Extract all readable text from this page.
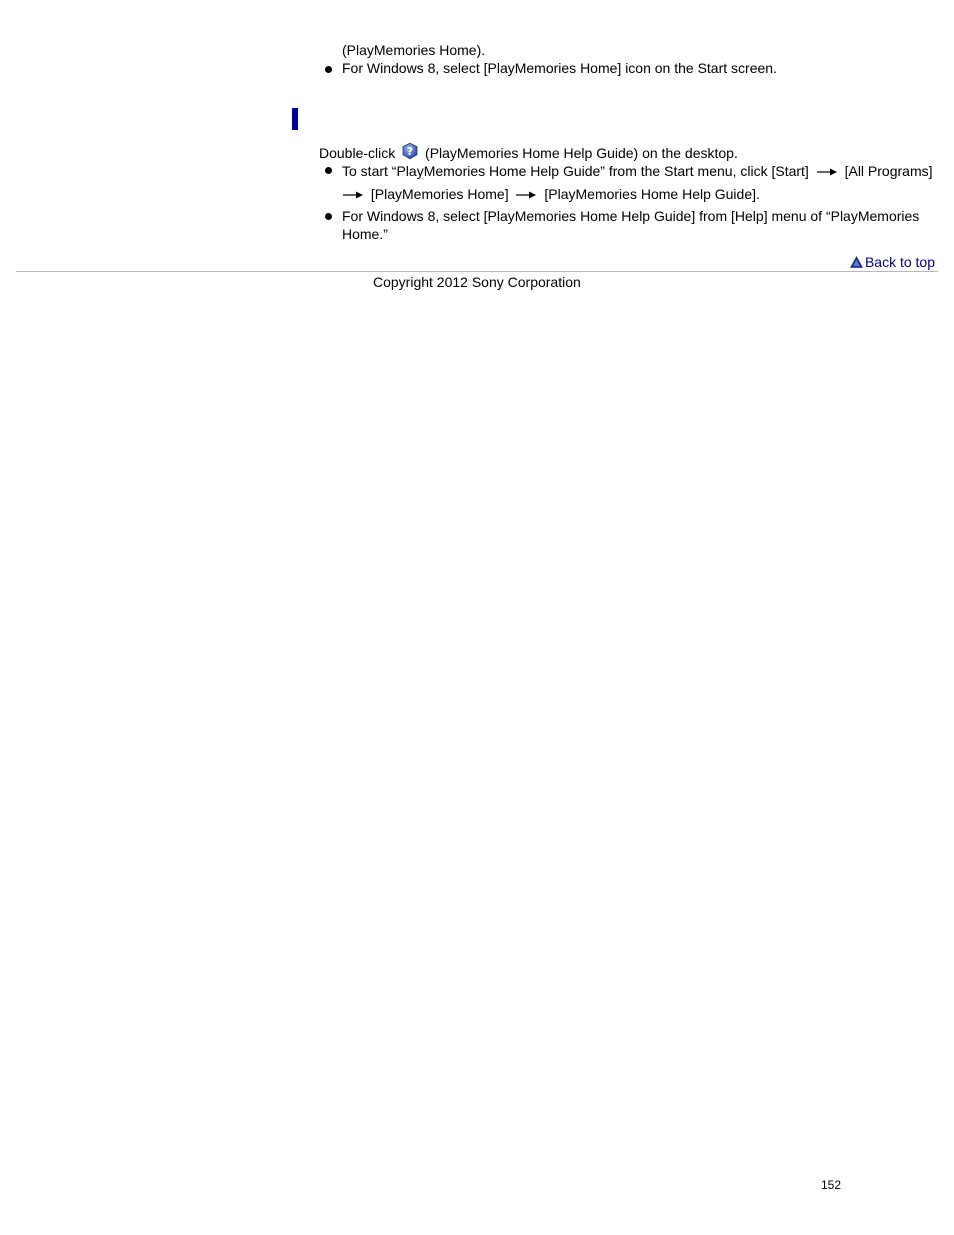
(PlayMemories Home).
For Windows 8, select [PlayMemories Home] icon on the Start screen.
Double-click ? (PlayMemories Home Help Guide) on the desktop.
To start “PlayMemories Home Help Guide” from the Start menu, click [Start]	[All Programs]
[PlayMemories Home]	[PlayMemories Home Help Guide].
For Windows 8, select [PlayMemories Home Help Guide] from [Help] menu of “PlayMemories
Home.”
Back to top
Copyright 2012 Sony Corporation
152
